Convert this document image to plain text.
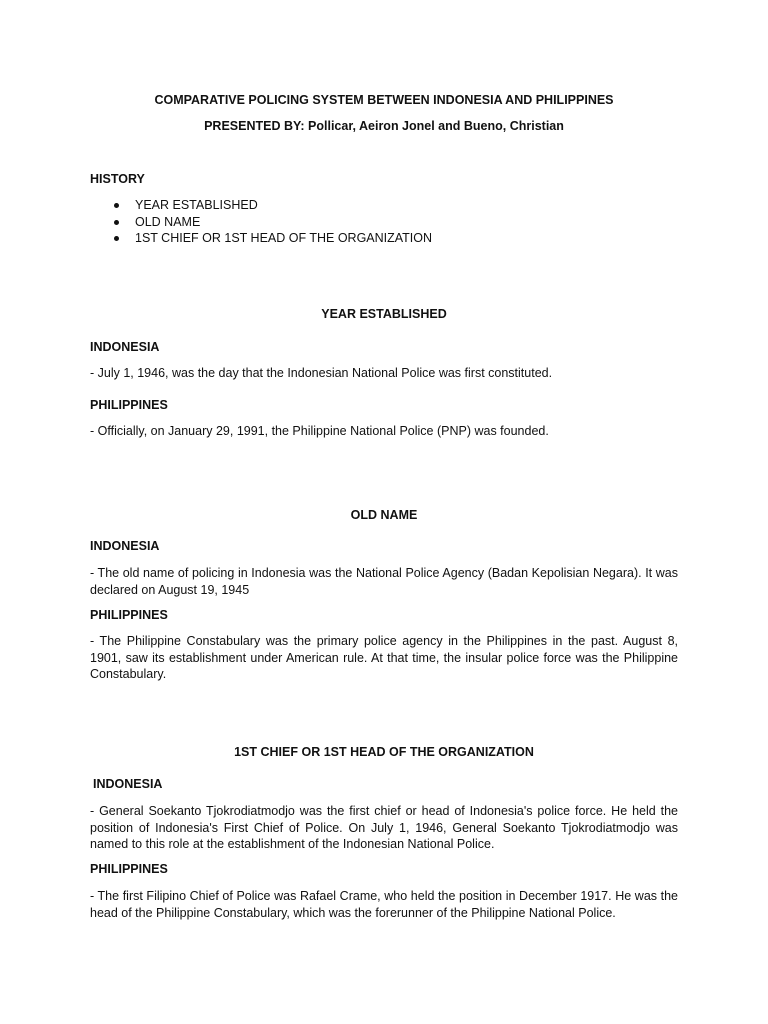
COMPARATIVE POLICING SYSTEM BETWEEN INDONESIA AND PHILIPPINES
PRESENTED BY: Pollicar, Aeiron Jonel and Bueno, Christian
HISTORY
YEAR ESTABLISHED
OLD NAME
1ST CHIEF OR 1ST HEAD OF THE ORGANIZATION
YEAR ESTABLISHED
INDONESIA
- July 1, 1946, was the day that the Indonesian National Police was first constituted.
PHILIPPINES
- Officially, on January 29, 1991, the Philippine National Police (PNP) was founded.
OLD NAME
INDONESIA
- The old name of policing in Indonesia was the National Police Agency (Badan Kepolisian Negara). It was declared on August 19, 1945
PHILIPPINES
- The Philippine Constabulary was the primary police agency in the Philippines in the past. August 8, 1901, saw its establishment under American rule. At that time, the insular police force was the Philippine Constabulary.
1ST CHIEF OR 1ST HEAD OF THE ORGANIZATION
INDONESIA
- General Soekanto Tjokrodiatmodjo was the first chief or head of Indonesia's police force. He held the position of Indonesia's First Chief of Police. On July 1, 1946, General Soekanto Tjokrodiatmodjo was named to this role at the establishment of the Indonesian National Police.
PHILIPPINES
- The first Filipino Chief of Police was Rafael Crame, who held the position in December 1917. He was the head of the Philippine Constabulary, which was the forerunner of the Philippine National Police.
